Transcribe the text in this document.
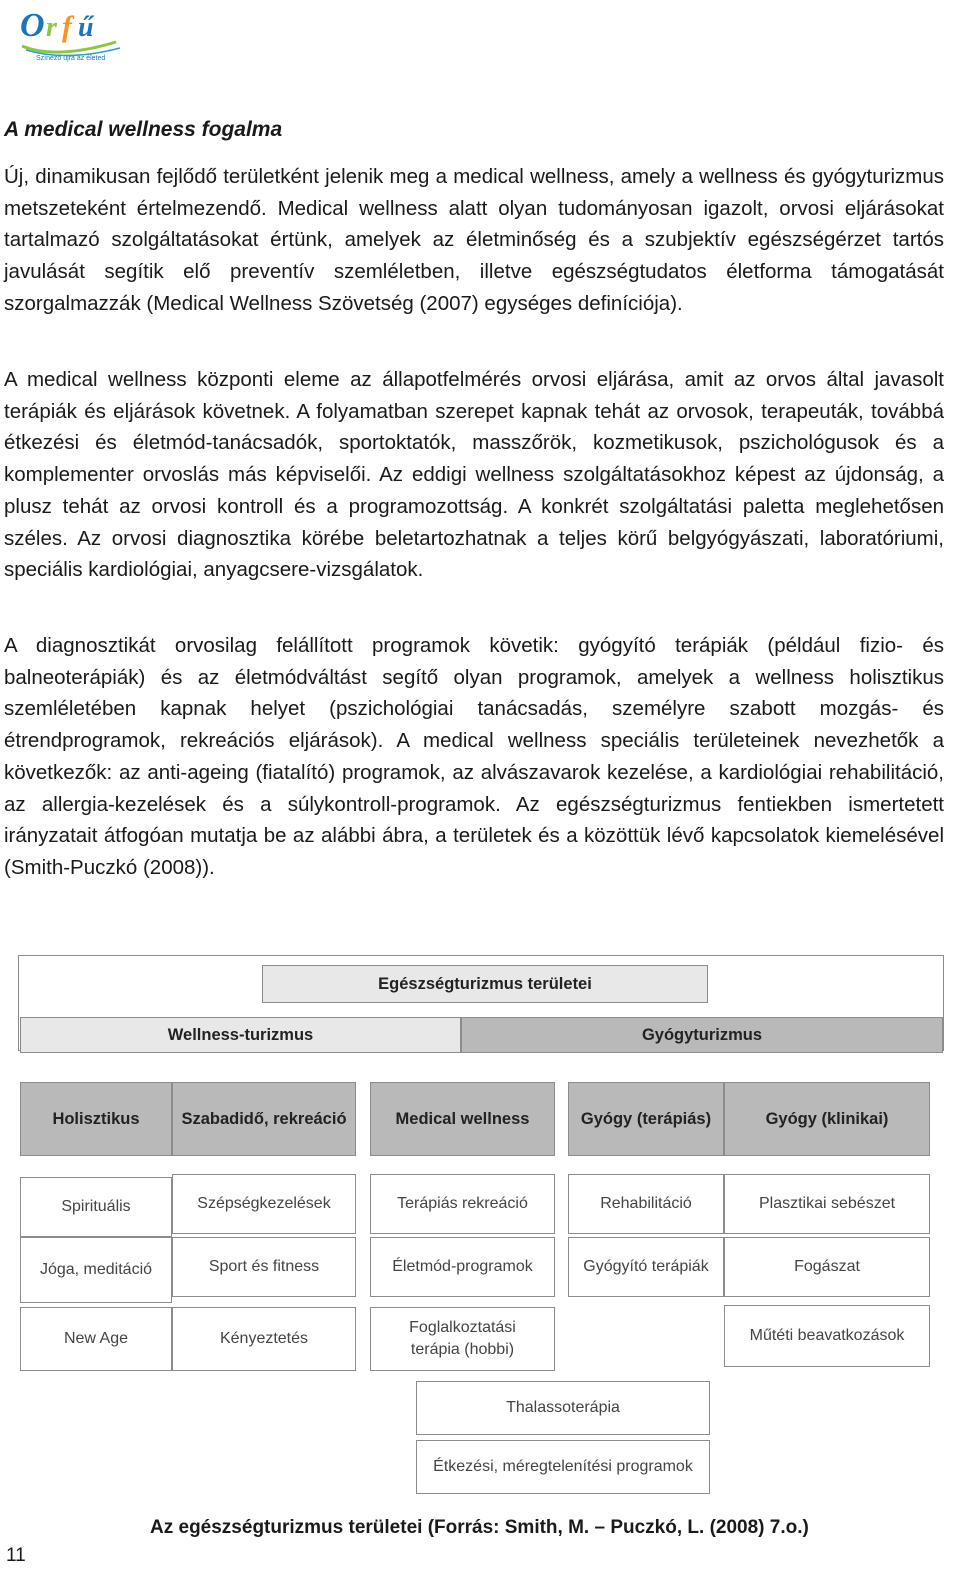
O r f ű
Színező újra az életed
A medical wellness fogalma

Új, dinamikusan fejlődő területként jelenik meg a medical wellness, amely a wellness és gyógyturizmus metszeteként értelmezendő. Medical wellness alatt olyan tudományosan igazolt, orvosi eljárásokat tartalmazó szolgáltatásokat értünk, amelyek az életminőség és a szubjektív egészségérzet tartós javulását segítik elő preventív szemléletben, illetve egészségtudatos életforma támogatását szorgalmazzák (Medical Wellness Szövetség (2007) egységes definíciója).

A medical wellness központi eleme az állapotfelmérés orvosi eljárása, amit az orvos által javasolt terápiák és eljárások követnek. A folyamatban szerepet kapnak tehát az orvosok, terapeuták, továbbá étkezési és életmód-tanácsadók, sportoktatók, masszőrök, kozmetikusok, pszichológusok és a komplementer orvoslás más képviselői. Az eddigi wellness szolgáltatásokhoz képest az újdonság, a plusz tehát az orvosi kontroll és a programozottság. A konkrét szolgáltatási paletta meglehetősen széles. Az orvosi diagnosztika körébe beletartozhatnak a teljes körű belgyógyászati, laboratóriumi, speciális kardiológiai, anyagcsere-vizsgálatok.

A diagnosztikát orvosilag felállított programok követik: gyógyító terápiák (például fizio- és balneoterápiák) és az életmódváltást segítő olyan programok, amelyek a wellness holisztikus szemléletében kapnak helyet (pszichológiai tanácsadás, személyre szabott mozgás- és étrendprogramok, rekreációs eljárások). A medical wellness speciális területeinek nevezhetők a következők: az anti-ageing (fiatalító) programok, az alvászavarok kezelése, a kardiológiai rehabilitáció, az allergia-kezelések és a súlykontroll-programok. Az egészségturizmus fentiekben ismertetett irányzatait átfogóan mutatja be az alábbi ábra, a területek és a közöttük lévő kapcsolatok kiemelésével (Smith-Puczkó (2008)).

Egészségturizmus területei
Wellness-turizmus	Gyógyturizmus
Holisztikus	Szabadidő, rekreáció	Medical wellness	Gyógy (terápiás)	Gyógy (klinikai)
Spirituális
Jóga, meditáció
New Age
Szépségkezelések
Sport és fitness
Kényeztetés
Terápiás rekreáció
Életmód-programok
Foglalkoztatási
terápia (hobbi)
Thalassoterápia
Étkezési, méregtelenítési programok
Rehabilitáció
Gyógyító terápiák
Plasztikai sebészet
Fogászat
Műtéti beavatkozások
Az egészségturizmus területei (Forrás: Smith, M. – Puczkó, L. (2008) 7.o.)
11
